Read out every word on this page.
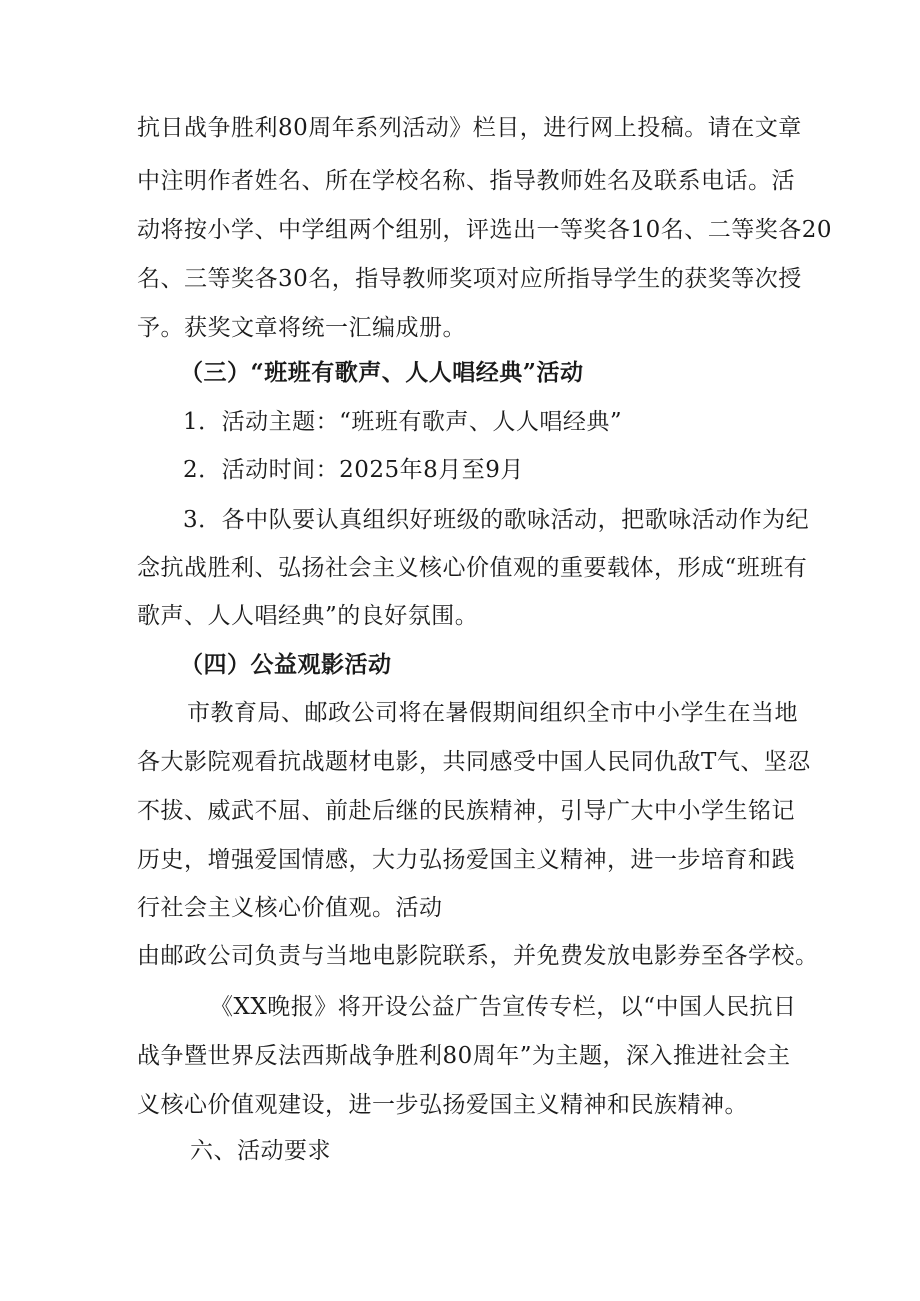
抗日战争胜利80周年系列活动》栏目，进行网上投稿。请在文章
中注明作者姓名、所在学校名称、指导教师姓名及联系电话。活
动将按小学、中学组两个组别，评选出一等奖各10名、二等奖各20
名、三等奖各30名，指导教师奖项对应所指导学生的获奖等次授
予。获奖文章将统一汇编成册。
（三）“班班有歌声、人人唱经典”活动
1．活动主题：“班班有歌声、人人唱经典”
2．活动时间：2025年8月至9月
3．各中队要认真组织好班级的歌咏活动，把歌咏活动作为纪
念抗战胜利、弘扬社会主义核心价值观的重要载体，形成“班班有
歌声、人人唱经典”的良好氛围。
（四）公益观影活动
市教育局、邮政公司将在暑假期间组织全市中小学生在当地
各大影院观看抗战题材电影，共同感受中国人民同仇敌T气、坚忍
不拔、威武不屈、前赴后继的民族精神，引导广大中小学生铭记
历史，增强爱国情感，大力弘扬爱国主义精神，进一步培育和践
行社会主义核心价值观。活动
由邮政公司负责与当地电影院联系，并免费发放电影券至各学校。
《XX晚报》将开设公益广告宣传专栏，以“中国人民抗日
战争暨世界反法西斯战争胜利80周年”为主题，深入推进社会主
义核心价值观建设，进一步弘扬爱国主义精神和民族精神。
六、活动要求
